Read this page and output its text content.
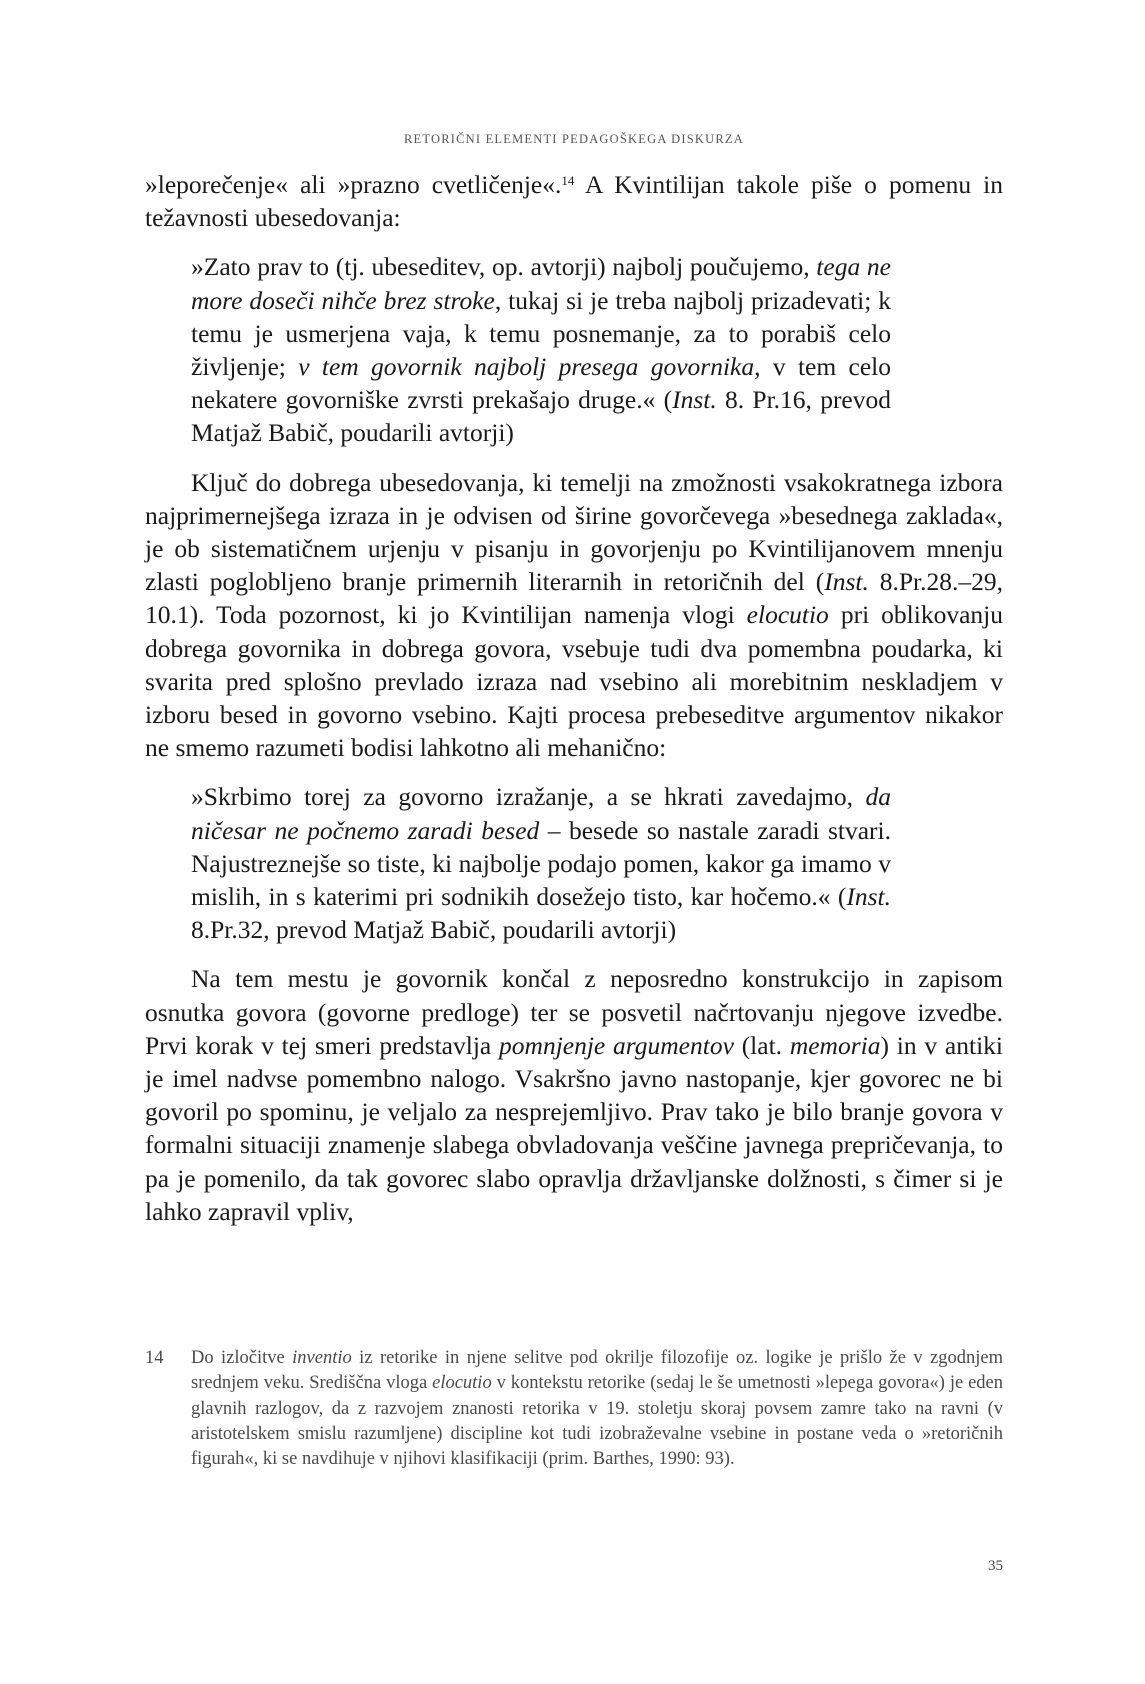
RETORIČNI ELEMENTI PEDAGOŠKEGA DISKURZA

»leporečenje« ali »prazno cvetličenje«.$^{14}$ A Kvintilijan takole piše o pomenu in težavnosti ubesedovanja:

»Zato prav to (tj. ubeseditev, op. avtorji) najbolj poučujemo, tega ne more doseči nihče brez stroke, tukaj si je treba najbolj prizadevati; k temu je usmerjena vaja, k temu posnemanje, za to porabiš celo življenje; v tem govornik najbolj presega govornika, v tem celo nekatere govorniške zvrsti prekašajo druge.« (Inst. 8. Pr.16, prevod Matjaž Babič, poudarili avtorji)

Ključ do dobrega ubesedovanja, ki temelji na zmožnosti vsakokratnega izbora najprimernejšega izraza in je odvisen od širine govorčevega »besednega zaklada«, je ob sistematičnem urjenju v pisanju in govorjenju po Kvintilijanovem mnenju zlasti poglobljeno branje primernih literarnih in retoričnih del (Inst. 8.Pr.28.–29, 10.1). Toda pozornost, ki jo Kvintilijan namenja vlogi elocutio pri oblikovanju dobrega govornika in dobrega govora, vsebuje tudi dva pomembna poudarka, ki svarita pred splošno prevlado izraza nad vsebino ali morebitnim neskladjem v izboru besed in govorno vsebino. Kajti procesa prebeseditve argumentov nikakor ne smemo razumeti bodisi lahkotno ali mehanično:

»Skrbimo torej za govorno izražanje, a se hkrati zavedajmo, da ničesar ne počnemo zaradi besed – besede so nastale zaradi stvari. Najustreznejše so tiste, ki najbolje podajo pomen, kakor ga imamo v mislih, in s katerimi pri sodnikih dosežejo tisto, kar hočemo.« (Inst. 8.Pr.32, prevod Matjaž Babič, poudarili avtorji)

Na tem mestu je govornik končal z neposredno konstrukcijo in zapisom osnutka govora (govorne predloge) ter se posvetil načrtovanju njegove izvedbe. Prvi korak v tej smeri predstavlja pomnjenje argumentov (lat. memoria) in v antiki je imel nadvse pomembno nalogo. Vsakršno javno nastopanje, kjer govorec ne bi govoril po spominu, je veljalo za nesprejemljivo. Prav tako je bilo branje govora v formalni situaciji znamenje slabega obvladovanja veščine javnega prepričevanja, to pa je pomenilo, da tak govorec slabo opravlja državljanske dolžnosti, s čimer si je lahko zapravil vpliv,

14	Do izločitve inventio iz retorike in njene selitve pod okrilje filozofije oz. logike je prišlo že v zgodnjem srednjem veku. Središčna vloga elocutio v kontekstu retorike (sedaj le še umetnosti »lepega govora«) je eden glavnih razlogov, da z razvojem znanosti retorika v 19. stoletju skoraj povsem zamre tako na ravni (v aristotelskem smislu razumljene) discipline kot tudi izobraževalne vsebine in postane veda o »retoričnih figurah«, ki se navdihuje v njihovi klasifikaciji (prim. Barthes, 1990: 93).
35
